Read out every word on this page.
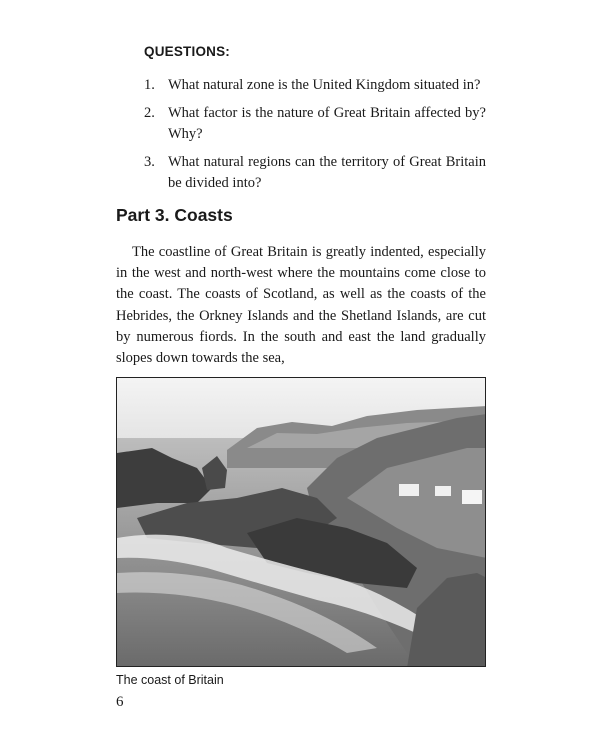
QUESTIONS:
1. What natural zone is the United Kingdom situated in?
2. What factor is the nature of Great Britain affected by? Why?
3. What natural regions can the territory of Great Britain be divided into?
Part 3. Coasts

The coastline of Great Britain is greatly indented, especially in the west and north-west where the mountains come close to the coast. The coasts of Scotland, as well as the coasts of the Hebrides, the Orkney Islands and the Shetland Islands, are cut by numerous fiords. In the south and east the land gradually slopes down towards the sea,

The coast of Britain
6
